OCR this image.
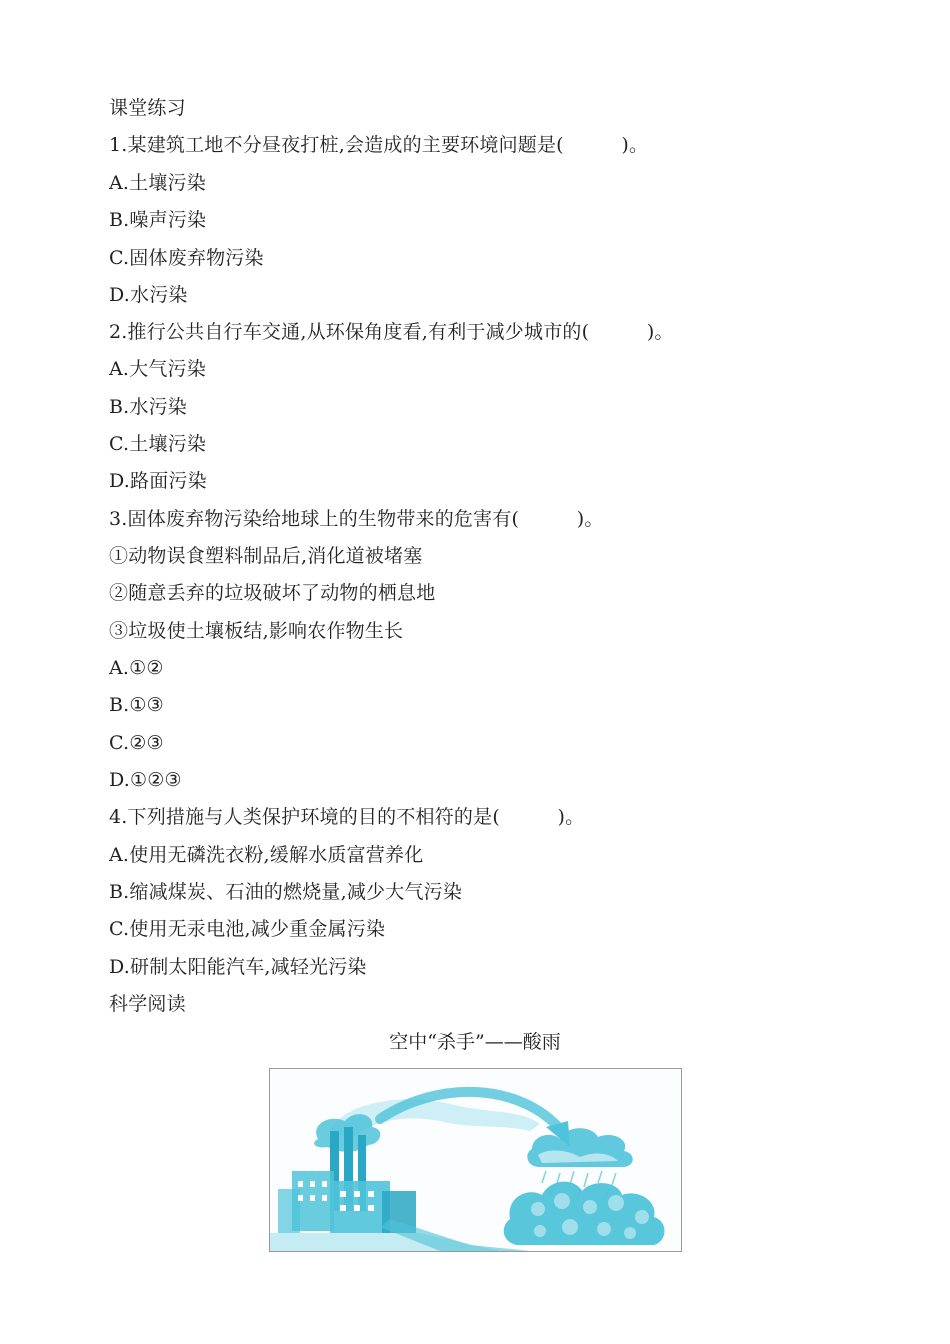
课堂练习
1.某建筑工地不分昼夜打桩,会造成的主要环境问题是(　　　)。
A.土壤污染
B.噪声污染
C.固体废弃物污染
D.水污染
2.推行公共自行车交通,从环保角度看,有利于减少城市的(　　　)。
A.大气污染
B.水污染
C.土壤污染
D.路面污染
3.固体废弃物污染给地球上的生物带来的危害有(　　　)。
①动物误食塑料制品后,消化道被堵塞
②随意丢弃的垃圾破坏了动物的栖息地
③垃圾使土壤板结,影响农作物生长
A.①②
B.①③
C.②③
D.①②③
4.下列措施与人类保护环境的目的不相符的是(　　　)。
A.使用无磷洗衣粉,缓解水质富营养化
B.缩减煤炭、石油的燃烧量,减少大气污染
C.使用无汞电池,减少重金属污染
D.研制太阳能汽车,减轻光污染
科学阅读
空中“杀手”——酸雨
